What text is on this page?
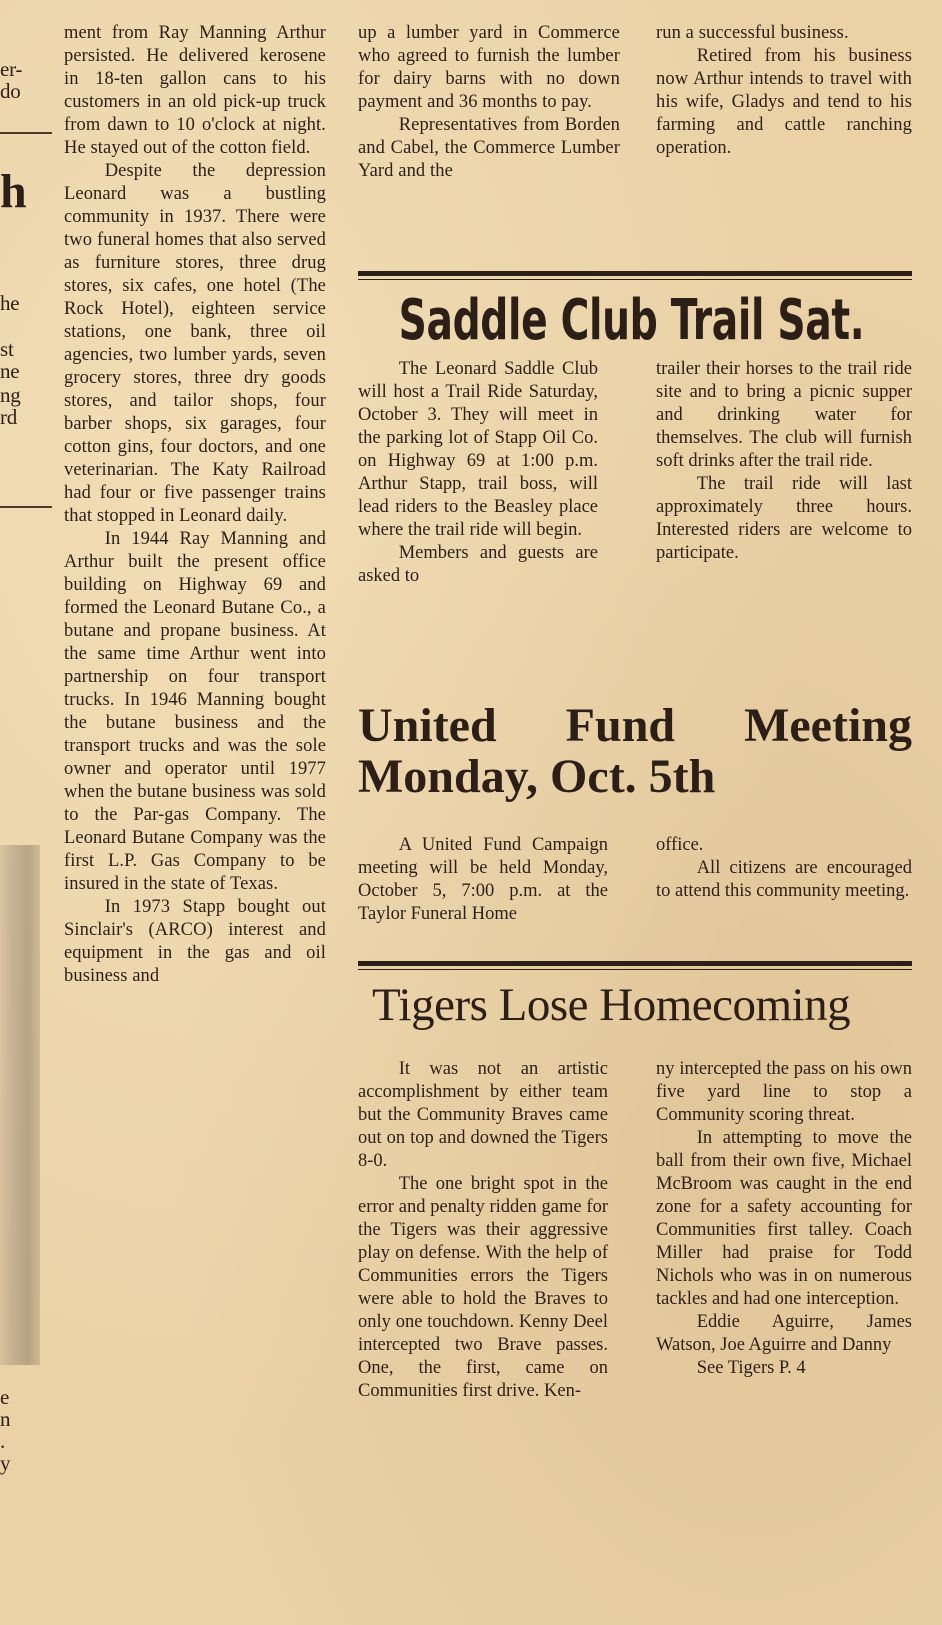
er-
do
h
he
st
ne
ng
rd
e
n
.
y

ment from Ray Manning Arthur persisted. He delivered kerosene in 18-ten gallon cans to his customers in an old pick-up truck from dawn to 10 o'clock at night. He stayed out of the cotton field.

Despite the depression Leonard was a bustling community in 1937. There were two funeral homes that also served as furniture stores, three drug stores, six cafes, one hotel (The Rock Hotel), eighteen service stations, one bank, three oil agencies, two lumber yards, seven grocery stores, three dry goods stores, and tailor shops, four barber shops, six garages, four cotton gins, four doctors, and one veterinarian. The Katy Railroad had four or five passenger trains that stopped in Leonard daily.

In 1944 Ray Manning and Arthur built the present office building on Highway 69 and formed the Leonard Butane Co., a butane and propane business. At the same time Arthur went into partnership on four transport trucks. In 1946 Manning bought the butane business and the transport trucks and was the sole owner and operator until 1977 when the butane business was sold to the Par-gas Company. The Leonard Butane Company was the first L.P. Gas Company to be insured in the state of Texas.

In 1973 Stapp bought out Sinclair's (ARCO) interest and equipment in the gas and oil business and

up a lumber yard in Commerce who agreed to furnish the lumber for dairy barns with no down payment and 36 months to pay.

Representatives from Borden and Cabel, the Commerce Lumber Yard and the

run a successful business.

Retired from his business now Arthur intends to travel with his wife, Gladys and tend to his farming and cattle ranching operation.

Saddle Club Trail Sat.

The Leonard Saddle Club will host a Trail Ride Saturday, October 3. They will meet in the parking lot of Stapp Oil Co. on Highway 69 at 1:00 p.m. Arthur Stapp, trail boss, will lead riders to the Beasley place where the trail ride will begin.

Members and guests are asked to

trailer their horses to the trail ride site and to bring a picnic supper and drinking water for themselves. The club will furnish soft drinks after the trail ride.

The trail ride will last approximately three hours. Interested riders are welcome to participate.

United Fund Meeting
Monday, Oct. 5th

A United Fund Campaign meeting will be held Monday, October 5, 7:00 p.m. at the Taylor Funeral Home

office.

All citizens are encouraged to attend this community meeting.

Tigers Lose Homecoming

It was not an artistic accomplishment by either team but the Community Braves came out on top and downed the Tigers 8-0.

The one bright spot in the error and penalty ridden game for the Tigers was their aggressive play on defense. With the help of Communities errors the Tigers were able to hold the Braves to only one touchdown. Kenny Deel intercepted two Brave passes. One, the first, came on Communities first drive. Ken-

ny intercepted the pass on his own five yard line to stop a Community scoring threat.

In attempting to move the ball from their own five, Michael McBroom was caught in the end zone for a safety accounting for Communities first talley. Coach Miller had praise for Todd Nichols who was in on numerous tackles and had one interception.

Eddie Aguirre, James Watson, Joe Aguirre and Danny

See Tigers P. 4
